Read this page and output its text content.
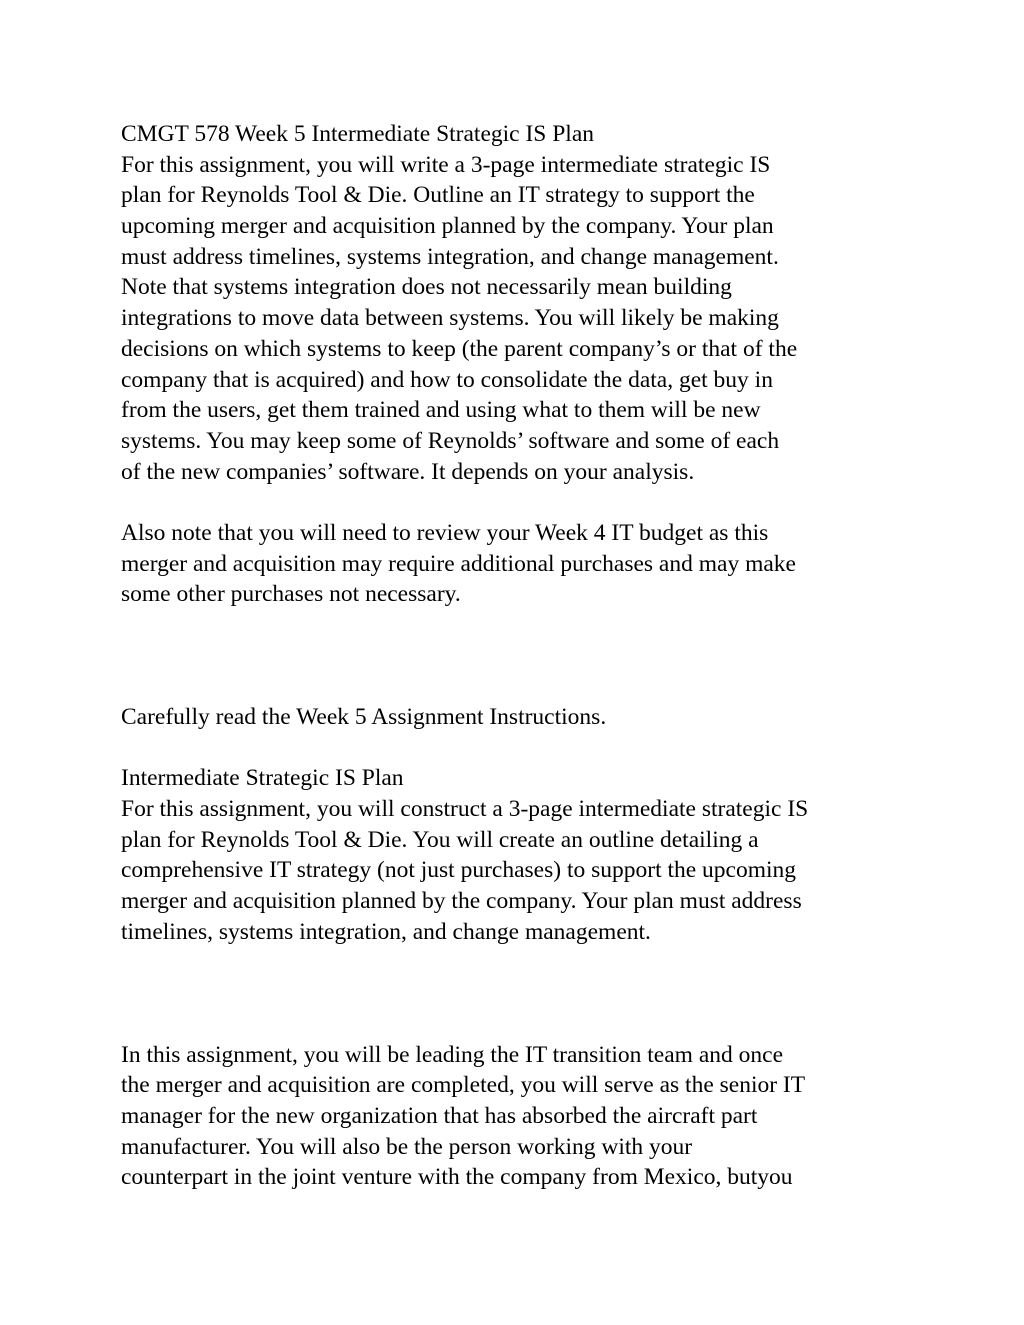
CMGT 578 Week 5 Intermediate Strategic IS Plan
For this assignment, you will write a 3-page intermediate strategic IS
plan for Reynolds Tool & Die. Outline an IT strategy to support the
upcoming merger and acquisition planned by the company. Your plan
must address timelines, systems integration, and change management.
Note that systems integration does not necessarily mean building
integrations to move data between systems. You will likely be making
decisions on which systems to keep (the parent company’s or that of the
company that is acquired) and how to consolidate the data, get buy in
from the users, get them trained and using what to them will be new
systems. You may keep some of Reynolds’ software and some of each
of the new companies’ software. It depends on your analysis.
Also note that you will need to review your Week 4 IT budget as this
merger and acquisition may require additional purchases and may make
some other purchases not necessary.
Carefully read the Week 5 Assignment Instructions.
Intermediate Strategic IS Plan
For this assignment, you will construct a 3-page intermediate strategic IS
plan for Reynolds Tool & Die. You will create an outline detailing a
comprehensive IT strategy (not just purchases) to support the upcoming
merger and acquisition planned by the company. Your plan must address
timelines, systems integration, and change management.
In this assignment, you will be leading the IT transition team and once
the merger and acquisition are completed, you will serve as the senior IT
manager for the new organization that has absorbed the aircraft part
manufacturer. You will also be the person working with your
counterpart in the joint venture with the company from Mexico, butyou
